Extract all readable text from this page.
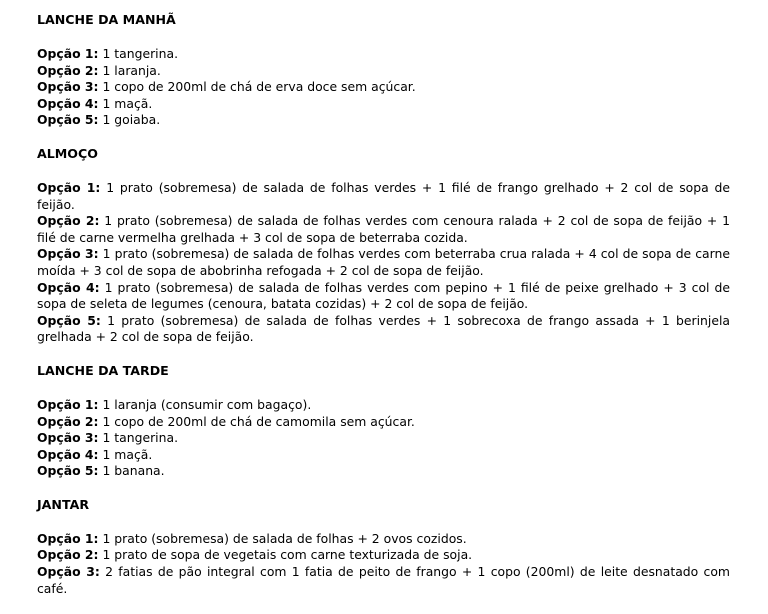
LANCHE DA MANHÃ

Opção 1: 1 tangerina.

Opção 2: 1 laranja.

Opção 3: 1 copo de 200ml de chá de erva doce sem açúcar.

Opção 4: 1 maçã.

Opção 5: 1 goiaba.

ALMOÇO

Opção 1: 1 prato (sobremesa) de salada de folhas verdes + 1 filé de frango grelhado + 2 col de sopa de feijão.

Opção 2: 1 prato (sobremesa) de salada de folhas verdes com cenoura ralada + 2 col de sopa de feijão + 1 filé de carne vermelha grelhada + 3 col de sopa de beterraba cozida.

Opção 3: 1 prato (sobremesa) de salada de folhas verdes com beterraba crua ralada + 4 col de sopa de carne moída + 3 col de sopa de abobrinha refogada + 2 col de sopa de feijão.

Opção 4: 1 prato (sobremesa) de salada de folhas verdes com pepino + 1 filé de peixe grelhado + 3 col de sopa de seleta de legumes (cenoura, batata cozidas) + 2 col de sopa de feijão.

Opção 5: 1 prato (sobremesa) de salada de folhas verdes + 1 sobrecoxa de frango assada + 1 berinjela grelhada + 2 col de sopa de feijão.

LANCHE DA TARDE

Opção 1: 1 laranja (consumir com bagaço).

Opção 2: 1 copo de 200ml de chá de camomila sem açúcar.

Opção 3: 1 tangerina.

Opção 4: 1 maçã.

Opção 5: 1 banana.

JANTAR

Opção 1: 1 prato (sobremesa) de salada de folhas + 2 ovos cozidos.

Opção 2: 1 prato de sopa de vegetais com carne texturizada de soja.

Opção 3: 2 fatias de pão integral com 1 fatia de peito de frango + 1 copo (200ml) de leite desnatado com café.
